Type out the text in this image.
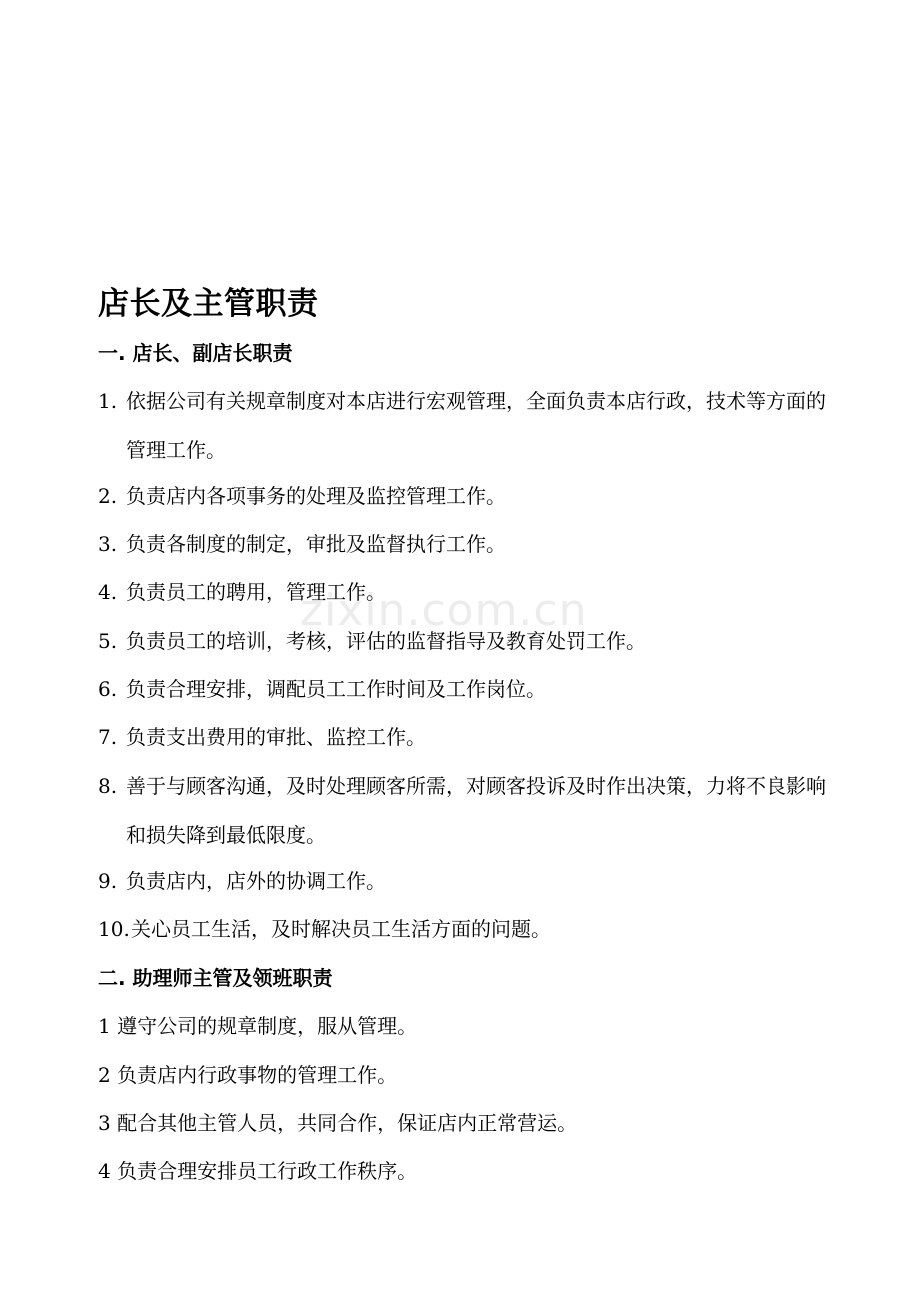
zixin.com.cn
店长及主管职责
一. 店长、副店长职责
1. 依据公司有关规章制度对本店进行宏观管理，全面负责本店行政，技术等方面的管理工作。
2. 负责店内各项事务的处理及监控管理工作。
3. 负责各制度的制定，审批及监督执行工作。
4. 负责员工的聘用，管理工作。
5. 负责员工的培训，考核，评估的监督指导及教育处罚工作。
6. 负责合理安排，调配员工工作时间及工作岗位。
7. 负责支出费用的审批、监控工作。
8. 善于与顾客沟通，及时处理顾客所需，对顾客投诉及时作出决策，力将不良影响和损失降到最低限度。
9. 负责店内，店外的协调工作。
10. 关心员工生活，及时解决员工生活方面的问题。
二. 助理师主管及领班职责
1 遵守公司的规章制度，服从管理。
2 负责店内行政事物的管理工作。
3 配合其他主管人员，共同合作，保证店内正常营运。
4 负责合理安排员工行政工作秩序。
